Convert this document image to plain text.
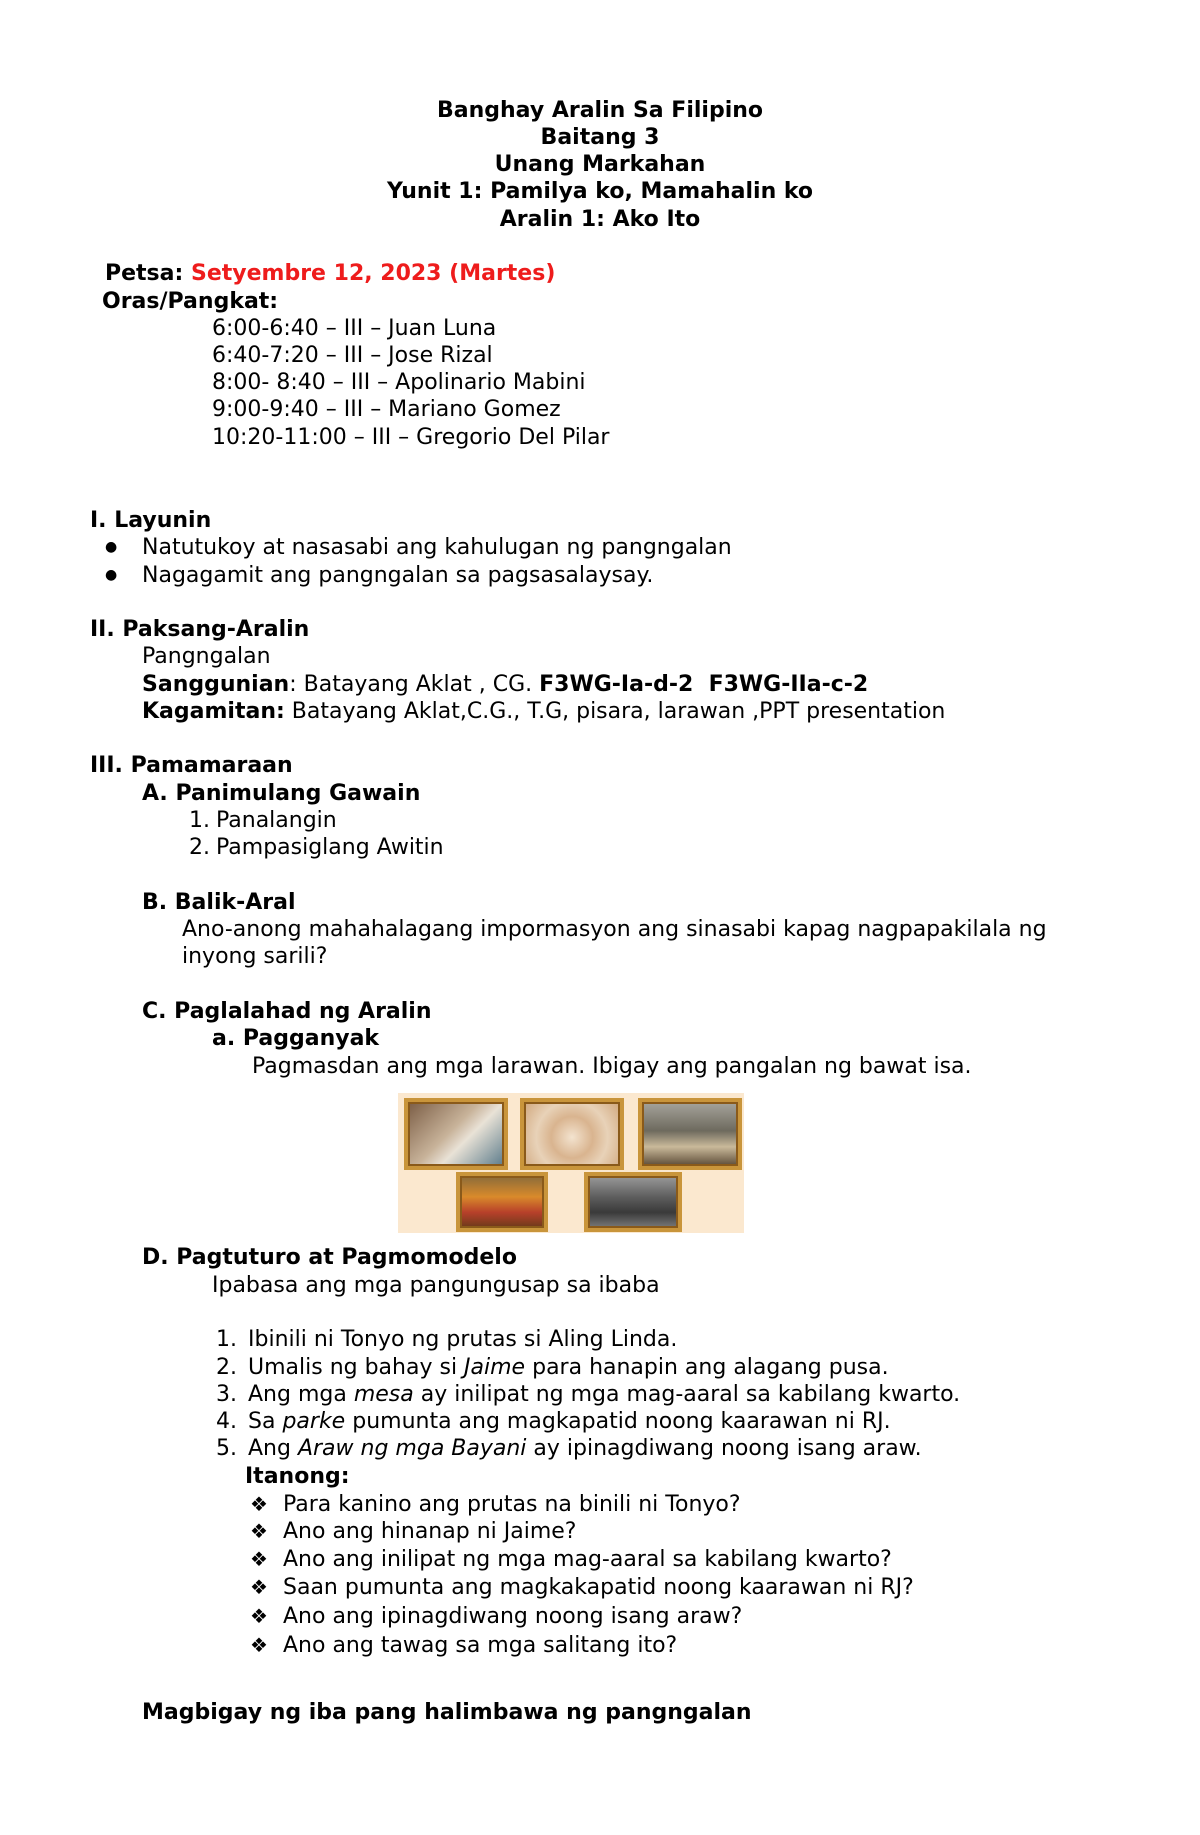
Banghay Aralin Sa Filipino
Baitang 3
Unang Markahan
Yunit 1: Pamilya ko, Mamahalin ko
Aralin 1: Ako Ito
Petsa: Setyembre 12, 2023 (Martes)
Oras/Pangkat:
6:00-6:40 – III – Juan Luna
6:40-7:20 – III – Jose Rizal
8:00- 8:40 – III – Apolinario Mabini
9:00-9:40 – III – Mariano Gomez
10:20-11:00 – III – Gregorio Del Pilar
I. Layunin
● Natutukoy at nasasabi ang kahulugan ng pangngalan
● Nagagamit ang pangngalan sa pagsasalaysay.
II. Paksang-Aralin
Pangngalan
Sanggunian: Batayang Aklat , CG. F3WG-Ia-d-2  F3WG-IIa-c-2
Kagamitan: Batayang Aklat,C.G., T.G, pisara, larawan ,PPT presentation
III. Pamamaraan
A. Panimulang Gawain
1. Panalangin
2. Pampasiglang Awitin
B. Balik-Aral
Ano-anong mahahalagang impormasyon ang sinasabi kapag nagpapakilala ng
inyong sarili?
C. Paglalahad ng Aralin
a. Pagganyak
Pagmasdan ang mga larawan. Ibigay ang pangalan ng bawat isa.
D. Pagtuturo at Pagmomodelo
Ipabasa ang mga pangungusap sa ibaba
1. Ibinili ni Tonyo ng prutas si Aling Linda.
2. Umalis ng bahay si Jaime para hanapin ang alagang pusa.
3. Ang mga mesa ay inilipat ng mga mag-aaral sa kabilang kwarto.
4. Sa parke pumunta ang magkapatid noong kaarawan ni RJ.
5. Ang Araw ng mga Bayani ay ipinagdiwang noong isang araw.
Itanong:
❖ Para kanino ang prutas na binili ni Tonyo?
❖ Ano ang hinanap ni Jaime?
❖ Ano ang inilipat ng mga mag-aaral sa kabilang kwarto?
❖ Saan pumunta ang magkakapatid noong kaarawan ni RJ?
❖ Ano ang ipinagdiwang noong isang araw?
❖ Ano ang tawag sa mga salitang ito?
Magbigay ng iba pang halimbawa ng pangngalan
